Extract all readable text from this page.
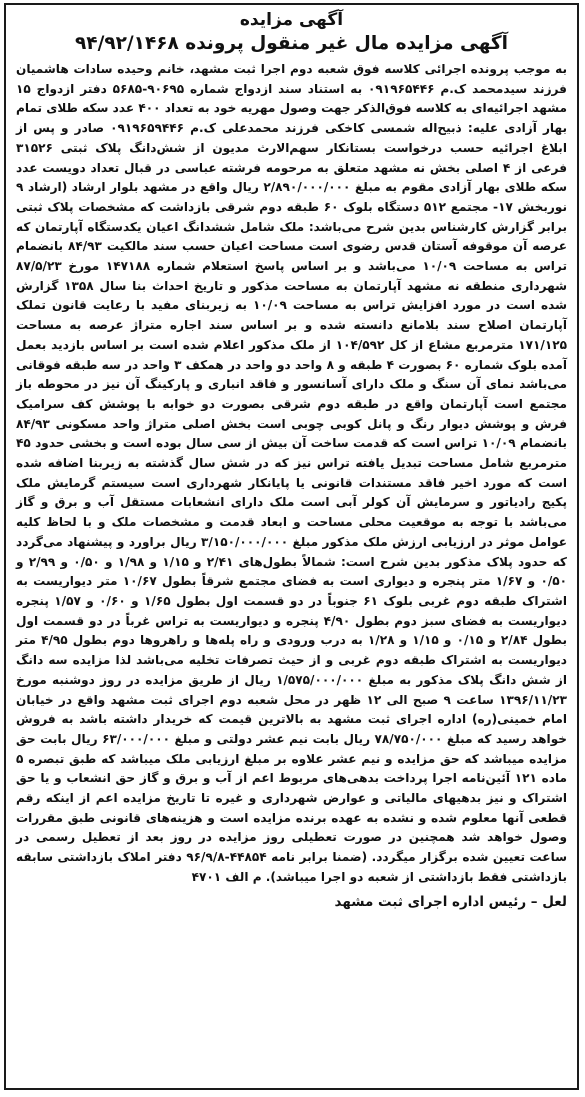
آگهی مزایده
آگهی مزایده مال غیر منقول پرونده ۹۴/۹۲/۱۴۶۸

به موجب پرونده اجرائی کلاسه فوق شعبه دوم اجرا ثبت مشهد، خانم وحیده سادات هاشمیان فرزند سیدمحمد ک.م ۰۹۱۹۶۵۴۴۶ به استناد سند ازدواج شماره ۹۰۶۹۵-۵۶۸۵ دفتر ازدواج ۱۵ مشهد اجرائیه‌ای به کلاسه فوق‌الذکر جهت وصول مهریه خود به تعداد ۴۰۰ عدد سکه طلای تمام بهار آزادی علیه: ذبیح‌اله شمسی کاخکی فرزند محمدعلی ک.م ۰۹۱۹۶۵۹۴۴۶ صادر و پس از ابلاغ اجرائیه حسب درخواست بستانکار سهم‌الارث مدیون از شش‌دانگ پلاک ثبتی ۳۱۵۲۶ فرعی از ۴ اصلی بخش نه مشهد متعلق به مرحومه فرشته عباسی در قبال تعداد دویست عدد سکه طلای بهار آزادی مقوم به مبلغ ۲/۸۹۰/۰۰۰/۰۰۰ ریال واقع در مشهد بلوار ارشاد (ارشاد ۹ نوربخش ۱۷- مجتمع ۵۱۲ دستگاه بلوک ۶۰ طبقه دوم شرقی بازداشت که مشخصات پلاک ثبتی برابر گزارش کارشناس بدین شرح می‌باشد: ملک شامل ششدانگ اعیان یکدستگاه آپارتمان که عرصه آن موقوفه آستان قدس رضوی است مساحت اعیان حسب سند مالکیت ۸۴/۹۳ بانضمام تراس به مساحت ۱۰/۰۹ می‌باشد و بر اساس پاسخ استعلام شماره ۱۴۷۱۸۸ مورخ ۸۷/۵/۲۳ شهرداری منطقه نه مشهد آپارتمان به مساحت مذکور و تاریخ احداث بنا سال ۱۳۵۸ گزارش شده است در مورد افزایش تراس به مساحت ۱۰/۰۹ به زیربنای مفید با رعایت قانون تملک آپارتمان اصلاح سند بلامانع دانسته شده و بر اساس سند اجاره متراژ عرصه به مساحت ۱۷۱/۱۲۵ مترمربع مشاع از کل ۱۰۴/۵۹۲ از ملک مذکور اعلام شده است بر اساس بازدید بعمل آمده بلوک شماره ۶۰ بصورت ۴ طبقه و ۸ واحد دو واحد در همکف ۳ واحد در سه طبقه فوقانی می‌باشد نمای آن سنگ و ملک دارای آسانسور و فاقد انباری و پارکینگ آن نیز در محوطه باز مجتمع است آپارتمان واقع در طبقه دوم شرقی بصورت دو خوابه با پوشش کف سرامیک فرش و پوشش دیوار رنگ و پانل کوبی چوبی است بخش اصلی متراژ واحد مسکونی ۸۴/۹۳ بانضمام ۱۰/۰۹ تراس است که قدمت ساخت آن بیش از سی سال بوده است و بخشی حدود ۴۵ مترمربع شامل مساحت تبدیل یافته تراس نیز که در شش سال گذشته به زیربنا اضافه شده است که مورد اخیر فاقد مستندات قانونی یا پایانکار شهرداری است سیستم گرمایش ملک پکیج رادیاتور و سرمایش آن کولر آبی است ملک دارای انشعابات مستقل آب و برق و گاز می‌باشد با توجه به موقعیت محلی مساحت و ابعاد قدمت و مشخصات ملک و با لحاظ کلیه عوامل موثر در ارزیابی ارزش ملک مذکور مبلغ ۳/۱۵۰/۰۰۰/۰۰۰ ریال براورد و پیشنهاد می‌گردد که حدود پلاک مذکور بدین شرح است: شمالاً بطول‌های ۲/۴۱ و ۱/۱۵ و ۱/۹۸ و ۰/۵۰ و ۲/۹۹ و ۰/۵۰ و ۱/۶۷ متر پنجره و دیواری است به فضای مجتمع شرقاً بطول ۱۰/۶۷ متر دیواریست به اشتراک طبقه دوم غربی بلوک ۶۱ جنوباً در دو قسمت اول بطول ۱/۶۵ و ۰/۶۰ و ۱/۵۷ پنجره دیواریست به فضای سبز دوم بطول ۴/۹۰ پنجره و دیواریست به تراس غرباً در دو قسمت اول بطول ۲/۸۴ و ۰/۱۵ و ۱/۱۵ و ۱/۲۸ به درب ورودی و راه پله‌ها و راهروها دوم بطول ۴/۹۵ متر دیواریست به اشتراک طبقه دوم غربی و از حیث تصرفات تخلیه می‌باشد لذا مزایده سه دانگ از شش دانگ پلاک مذکور به مبلغ ۱/۵۷۵/۰۰۰/۰۰۰ ریال از طریق مزایده در روز دوشنبه مورخ ۱۳۹۶/۱۱/۲۳ ساعت ۹ صبح الی ۱۲ ظهر در محل شعبه دوم اجرای ثبت مشهد واقع در خیابان امام خمینی(ره) اداره اجرای ثبت مشهد به بالاترین قیمت که خریدار داشته باشد به فروش خواهد رسید که مبلغ ۷۸/۷۵۰/۰۰۰ ریال بابت نیم عشر دولتی و مبلغ ۶۳/۰۰۰/۰۰۰ ریال بابت حق مزایده میباشد که حق مزایده و نیم عشر علاوه بر مبلغ ارزیابی ملک میباشد که طبق تبصره ۵ ماده ۱۲۱ آئین‌نامه اجرا پرداخت بدهی‌های مربوط اعم از آب و برق و گاز حق انشعاب و یا حق اشتراک و نیز بدهیهای مالیاتی و عوارض شهرداری و غیره تا تاریخ مزایده اعم از اینکه رقم قطعی آنها معلوم شده و نشده به عهده برنده مزایده است و هزینه‌های قانونی طبق مقررات وصول خواهد شد همچنین در صورت تعطیلی روز مزایده در روز بعد از تعطیل رسمی در ساعت تعیین شده برگزار میگردد. (ضمنا برابر نامه ۴۴۸۵۴-۹۶/۹/۸ دفتر املاک بازداشتی سابقه بازداشتی فقط بازداشتی از شعبه دو اجرا میباشد). م الف ۴۷۰۱

لعل – رئیس اداره اجرای ثبت مشهد
